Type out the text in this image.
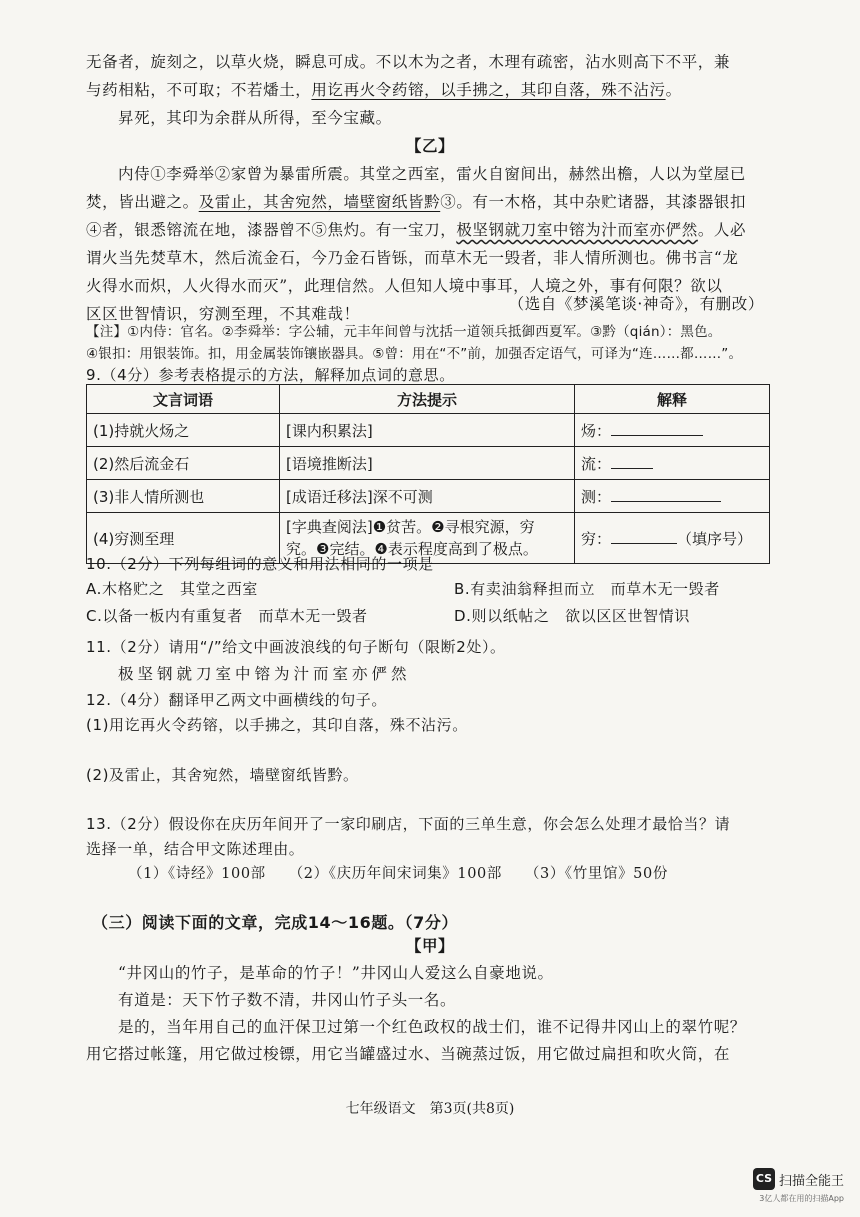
无备者，旋刻之，以草火烧，瞬息可成。不以木为之者，木理有疏密，沾水则高下不平，兼
与药相粘，不可取；不若燔土，用讫再火令药镕，以手拂之，其印自落，殊不沾污。
昇死，其印为余群从所得，至今宝藏。
【乙】
内侍①李舜举②家曾为暴雷所震。其堂之西室，雷火自窗间出，赫然出檐，人以为堂屋已
焚，皆出避之。及雷止，其舍宛然，墙壁窗纸皆黔③。有一木格，其中杂贮诸器，其漆器银扣
④者，银悉镕流在地，漆器曾不⑤焦灼。有一宝刀，极坚钢就刀室中镕为汁而室亦俨然。人必
谓火当先焚草木，然后流金石，今乃金石皆铄，而草木无一毁者，非人情所测也。佛书言“龙
火得水而炽，人火得水而灭”，此理信然。人但知人境中事耳，人境之外，事有何限？欲以
区区世智情识，穷测至理，不其难哉！
（选自《梦溪笔谈·神奇》，有删改）
【注】①内侍：官名。②李舜举：字公辅，元丰年间曾与沈括一道领兵抵御西夏军。③黔（qián）：黑色。
④银扣：用银装饰。扣，用金属装饰镶嵌器具。⑤曾：用在“不”前，加强否定语气，可译为“连……都……”。
9.（4分）参考表格提示的方法，解释加点词的意思。
文言词语	方法提示	解释
(1)持就火炀之	[课内积累法]	炀：
(2)然后流金石	[语境推断法]	流：
(3)非人情所测也	[成语迁移法]深不可测	测：
(4)穷测至理	[字典查阅法]❶贫苦。❷寻根究源，穷
究。❸完结。❹表示程度高到了极点。	穷： （填序号）
10.（2分）下列每组词的意义和用法相同的一项是
A.木格贮之　其堂之西室	B.有卖油翁释担而立　而草木无一毁者
C.以备一板内有重复者　而草木无一毁者	D.则以纸帖之　欲以区区世智情识
11.（2分）请用“/”给文中画波浪线的句子断句（限断2处）。
极坚钢就刀室中镕为汁而室亦俨然
12.（4分）翻译甲乙两文中画横线的句子。
(1)用讫再火令药镕，以手拂之，其印自落，殊不沾污。
(2)及雷止，其舍宛然，墙壁窗纸皆黔。
13.（2分）假设你在庆历年间开了一家印刷店，下面的三单生意，你会怎么处理才最恰当？请
选择一单，结合甲文陈述理由。
（1）《诗经》100部　　（2）《庆历年间宋词集》100部　　（3）《竹里馆》50份
（三）阅读下面的文章，完成14～16题。（7分）
【甲】
“井冈山的竹子，是革命的竹子！”井冈山人爱这么自豪地说。
有道是：天下竹子数不清，井冈山竹子头一名。
是的，当年用自己的血汗保卫过第一个红色政权的战士们，谁不记得井冈山上的翠竹呢？
用它搭过帐篷，用它做过梭镖，用它当罐盛过水、当碗蒸过饭，用它做过扁担和吹火筒，在
七年级语文　第3页(共8页)
CS 扫描全能王
3亿人都在用的扫描App
